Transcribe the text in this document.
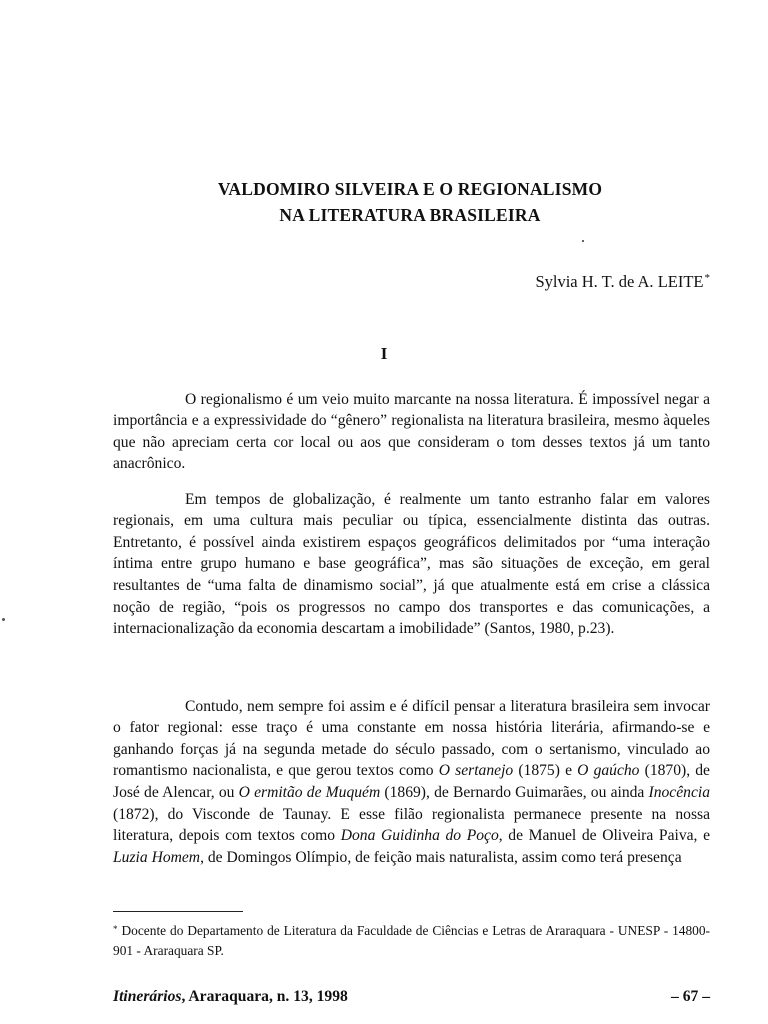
VALDOMIRO SILVEIRA E O REGIONALISMO
NA LITERATURA BRASILEIRA
Sylvia H. T. de A. LEITE*
I

O regionalismo é um veio muito marcante na nossa literatura. É impossível negar a importância e a expressividade do “gênero” regionalista na literatura brasileira, mesmo àqueles que não apreciam certa cor local ou aos que consideram o tom desses textos já um tanto anacrônico.

Em tempos de globalização, é realmente um tanto estranho falar em valores regionais, em uma cultura mais peculiar ou típica, essencialmente distinta das outras. Entretanto, é possível ainda existirem espaços geográficos delimitados por “uma interação íntima entre grupo humano e base geográfica”, mas são situações de exceção, em geral resultantes de “uma falta de dinamismo social”, já que atualmente está em crise a clássica noção de região, “pois os progressos no campo dos transportes e das comunicações, a internacionalização da economia descartam a imobilidade” (Santos, 1980, p.23).

Contudo, nem sempre foi assim e é difícil pensar a literatura brasileira sem invocar o fator regional: esse traço é uma constante em nossa história literária, afirmando-se e ganhando forças já na segunda metade do século passado, com o sertanismo, vinculado ao romantismo nacionalista, e que gerou textos como O sertanejo (1875) e O gaúcho (1870), de José de Alencar, ou O ermitão de Muquém (1869), de Bernardo Guimarães, ou ainda Inocência (1872), do Visconde de Taunay. E esse filão regionalista permanece presente na nossa literatura, depois com textos como Dona Guidinha do Poço, de Manuel de Oliveira Paiva, e Luzia Homem, de Domingos Olímpio, de feição mais naturalista, assim como terá presença

* Docente do Departamento de Literatura da Faculdade de Ciências e Letras de Araraquara - UNESP - 14800-901 - Araraquara SP.
Itinerários, Araraquara, n. 13, 1998	– 67 –
